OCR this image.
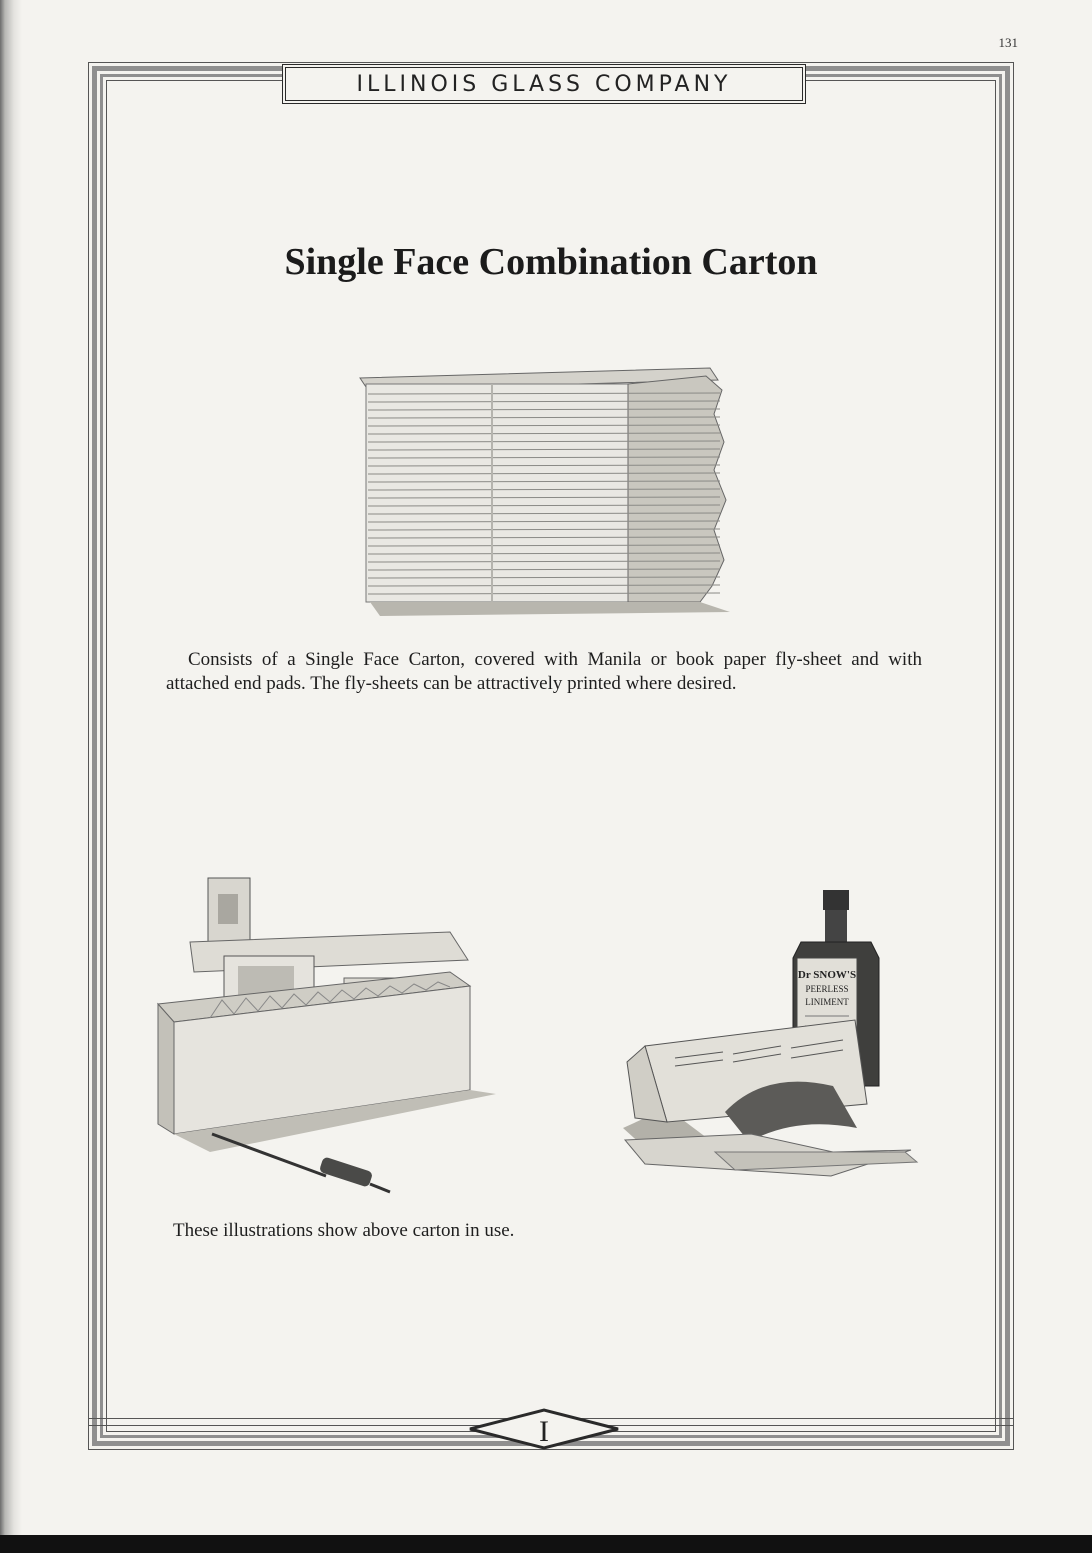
131
ILLINOIS GLASS COMPANY
Single Face Combination Carton

Consists of a Single Face Carton, covered with Manila or book paper fly-sheet and with attached end pads. The fly-sheets can be attractively printed where desired.

Dr SNOW'S
PEERLESS
LINIMENT

These illustrations show above carton in use.

I
